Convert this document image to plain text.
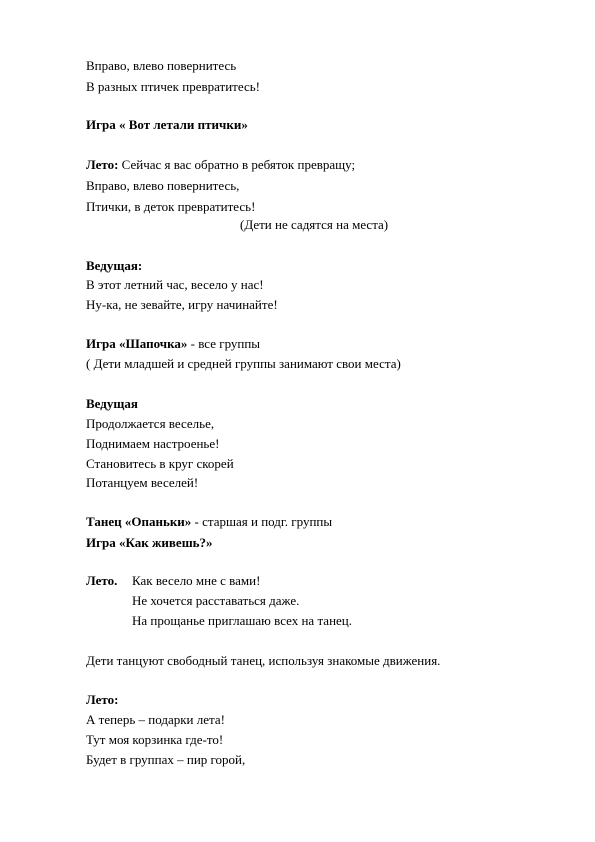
Вправо, влево повернитесь
В разных птичек превратитесь!
Игра « Вот летали птички»
Лето: Сейчас я вас обратно в ребяток превращу;
Вправо, влево повернитесь,
Птички, в деток превратитесь!
(Дети не садятся на места)
Ведущая:
В этот летний час, весело у нас!
Ну-ка, не зевайте, игру начинайте!
Игра «Шапочка» - все группы
( Дети младшей и средней группы занимают свои места)
Ведущая
Продолжается веселье,
Поднимаем настроенье!
Становитесь в круг скорей
Потанцуем веселей!
Танец «Опаньки» - старшая и подг. группы
Игра «Как живешь?»
Лето. Как весело мне с вами!
Не хочется расставаться даже.
На прощанье приглашаю всех на танец.
Дети танцуют свободный танец, используя знакомые движения.
Лето:
А теперь – подарки лета!
Тут моя корзинка где-то!
Будет в группах – пир горой,
